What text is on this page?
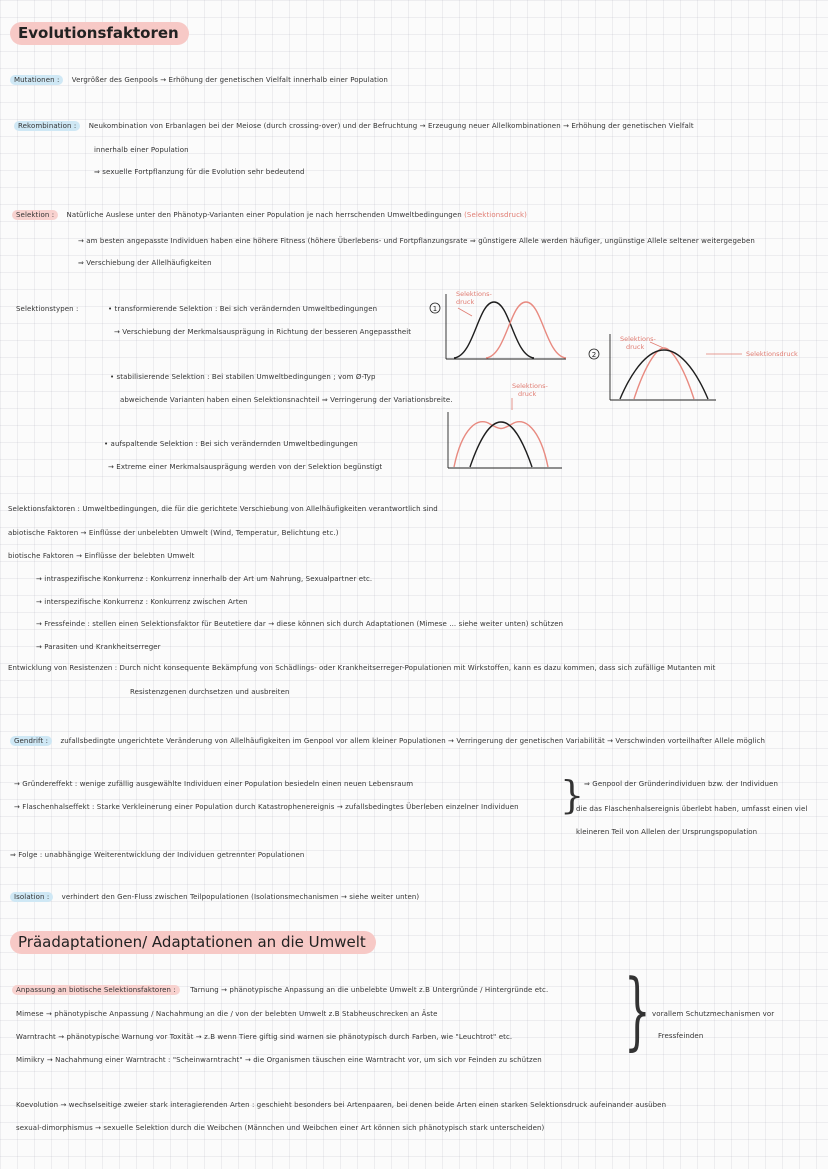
Evolutionsfaktoren
Mutationen : Vergrößer des Genpools → Erhöhung der genetischen Vielfalt innerhalb einer Population
Rekombination : Neukombination von Erbanlagen bei der Meiose (durch crossing-over) und der Befruchtung → Erzeugung neuer Allelkombinationen → Erhöhung der genetischen Vielfalt
innerhalb einer Population
⇒ sexuelle Fortpflanzung für die Evolution sehr bedeutend
Selektion : Natürliche Auslese unter den Phänotyp-Varianten einer Population je nach herrschenden Umweltbedingungen (Selektionsdruck)
→ am besten angepasste Individuen haben eine höhere Fitness (höhere Überlebens- und Fortpflanzungsrate ⇒ günstigere Allele werden häufiger, ungünstige Allele seltener weitergegeben
⇒ Verschiebung der Allelhäufigkeiten
Selektionstypen :	• transformierende Selektion : Bei sich verändernden Umweltbedingungen
→ Verschiebung der Merkmalsausprägung in Richtung der besseren Angepasstheit
• stabilisierende Selektion : Bei stabilen Umweltbedingungen ; vom Ø-Typ
abweichende Varianten haben einen Selektionsnachteil ⇒ Verringerung der Variationsbreite.
• aufspaltende Selektion : Bei sich verändernden Umweltbedingungen
→ Extreme einer Merkmalsausprägung werden von der Selektion begünstigt
1
Selektions-
druck
2
Selektions-
druck
Selektionsdruck
Selektions-
druck
Selektionsfaktoren : Umweltbedingungen, die für die gerichtete Verschiebung von Allelhäufigkeiten verantwortlich sind
abiotische Faktoren → Einflüsse der unbelebten Umwelt (Wind, Temperatur, Belichtung etc.)
biotische Faktoren → Einflüsse der belebten Umwelt
→ intraspezifische Konkurrenz : Konkurrenz innerhalb der Art um Nahrung, Sexualpartner etc.
→ interspezifische Konkurrenz : Konkurrenz zwischen Arten
→ Fressfeinde : stellen einen Selektionsfaktor für Beutetiere dar → diese können sich durch Adaptationen (Mimese ... siehe weiter unten) schützen
→ Parasiten und Krankheitserreger
Entwicklung von Resistenzen : Durch nicht konsequente Bekämpfung von Schädlings- oder Krankheitserreger-Populationen mit Wirkstoffen, kann es dazu kommen, dass sich zufällige Mutanten mit
Resistenzgenen durchsetzen und ausbreiten
Gendrift : zufallsbedingte ungerichtete Veränderung von Allelhäufigkeiten im Genpool vor allem kleiner Populationen → Verringerung der genetischen Variabilität → Verschwinden vorteilhafter Allele möglich
→ Gründereffekt : wenige zufällig ausgewählte Individuen einer Population besiedeln einen neuen Lebensraum
→ Flaschenhalseffekt : Starke Verkleinerung einer Population durch Katastrophenereignis → zufallsbedingtes Überleben einzelner Individuen } ⇒ Genpool der Gründerindividuen bzw. der Individuen
die das Flaschenhalsereignis überlebt haben, umfasst einen viel
kleineren Teil von Allelen der Ursprungspopulation
⇒ Folge : unabhängige Weiterentwicklung der Individuen getrennter Populationen
Isolation : verhindert den Gen-Fluss zwischen Teilpopulationen (Isolationsmechanismen → siehe weiter unten)
Präadaptationen/ Adaptationen an die Umwelt
Anpassung an biotische Selektionsfaktoren : Tarnung → phänotypische Anpassung an die unbelebte Umwelt z.B Untergründe / Hintergründe etc.
Mimese → phänotypische Anpassung / Nachahmung an die / von der belebten Umwelt z.B Stabheuschrecken an Äste
Warntracht → phänotypische Warnung vor Toxität → z.B wenn Tiere giftig sind warnen sie phänotypisch durch Farben, wie "Leuchtrot" etc.
Mimikry → Nachahmung einer Warntracht : "Scheinwarntracht" → die Organismen täuschen eine Warntracht vor, um sich vor Feinden zu schützen
} vorallem Schutzmechanismen vor
Fressfeinden
Koevolution → wechselseitige zweier stark interagierenden Arten : geschieht besonders bei Artenpaaren, bei denen beide Arten einen starken Selektionsdruck aufeinander ausüben
sexual-dimorphismus → sexuelle Selektion durch die Weibchen (Männchen und Weibchen einer Art können sich phänotypisch stark unterscheiden)
